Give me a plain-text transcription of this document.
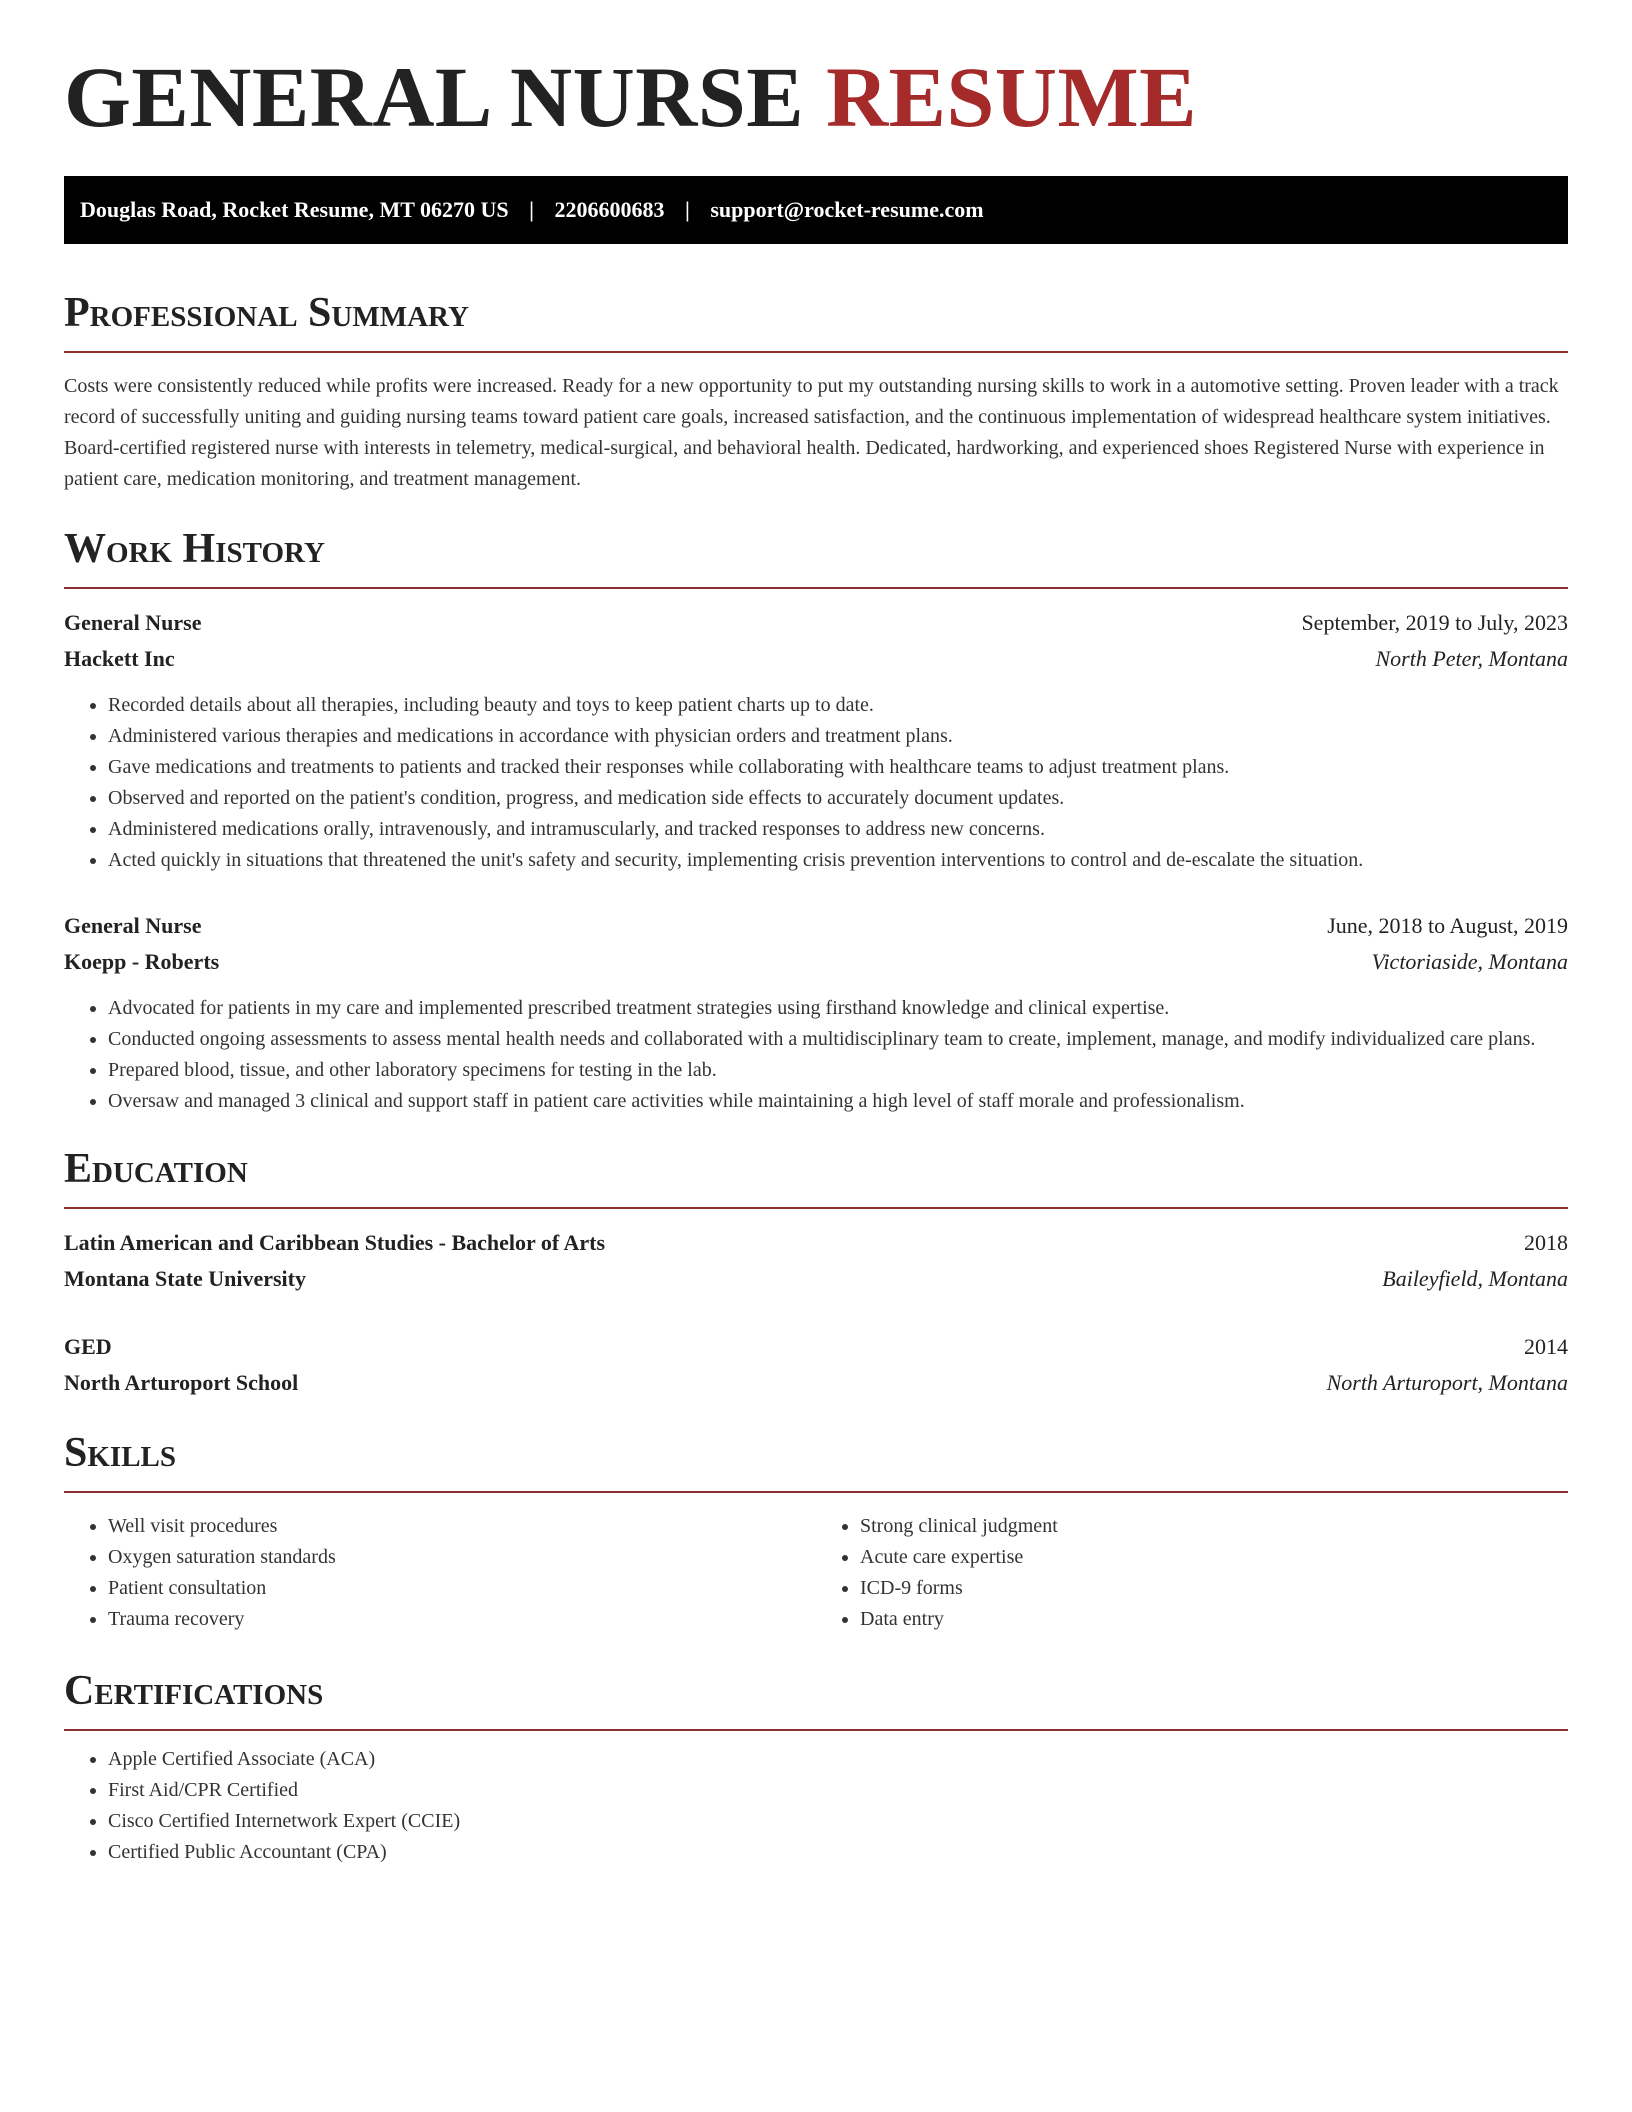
GENERAL NURSE RESUME
Douglas Road, Rocket Resume, MT 06270 US | 2206600683 | support@rocket-resume.com
Professional Summary
Costs were consistently reduced while profits were increased. Ready for a new opportunity to put my outstanding nursing skills to work in a automotive setting. Proven leader with a track record of successfully uniting and guiding nursing teams toward patient care goals, increased satisfaction, and the continuous implementation of widespread healthcare system initiatives. Board-certified registered nurse with interests in telemetry, medical-surgical, and behavioral health. Dedicated, hardworking, and experienced shoes Registered Nurse with experience in patient care, medication monitoring, and treatment management.
Work History
General Nurse	September, 2019 to July, 2023
Hackett Inc	North Peter, Montana
• Recorded details about all therapies, including beauty and toys to keep patient charts up to date.
• Administered various therapies and medications in accordance with physician orders and treatment plans.
• Gave medications and treatments to patients and tracked their responses while collaborating with healthcare teams to adjust treatment plans.
• Observed and reported on the patient's condition, progress, and medication side effects to accurately document updates.
• Administered medications orally, intravenously, and intramuscularly, and tracked responses to address new concerns.
• Acted quickly in situations that threatened the unit's safety and security, implementing crisis prevention interventions to control and de-escalate the situation.
General Nurse	June, 2018 to August, 2019
Koepp - Roberts	Victoriaside, Montana
• Advocated for patients in my care and implemented prescribed treatment strategies using firsthand knowledge and clinical expertise.
• Conducted ongoing assessments to assess mental health needs and collaborated with a multidisciplinary team to create, implement, manage, and modify individualized care plans.
• Prepared blood, tissue, and other laboratory specimens for testing in the lab.
• Oversaw and managed 3 clinical and support staff in patient care activities while maintaining a high level of staff morale and professionalism.
Education
Latin American and Caribbean Studies - Bachelor of Arts	2018
Montana State University	Baileyfield, Montana
GED	2014
North Arturoport School	North Arturoport, Montana
Skills
• Well visit procedures
• Oxygen saturation standards
• Patient consultation
• Trauma recovery
• Strong clinical judgment
• Acute care expertise
• ICD-9 forms
• Data entry
Certifications
• Apple Certified Associate (ACA)
• First Aid/CPR Certified
• Cisco Certified Internetwork Expert (CCIE)
• Certified Public Accountant (CPA)
